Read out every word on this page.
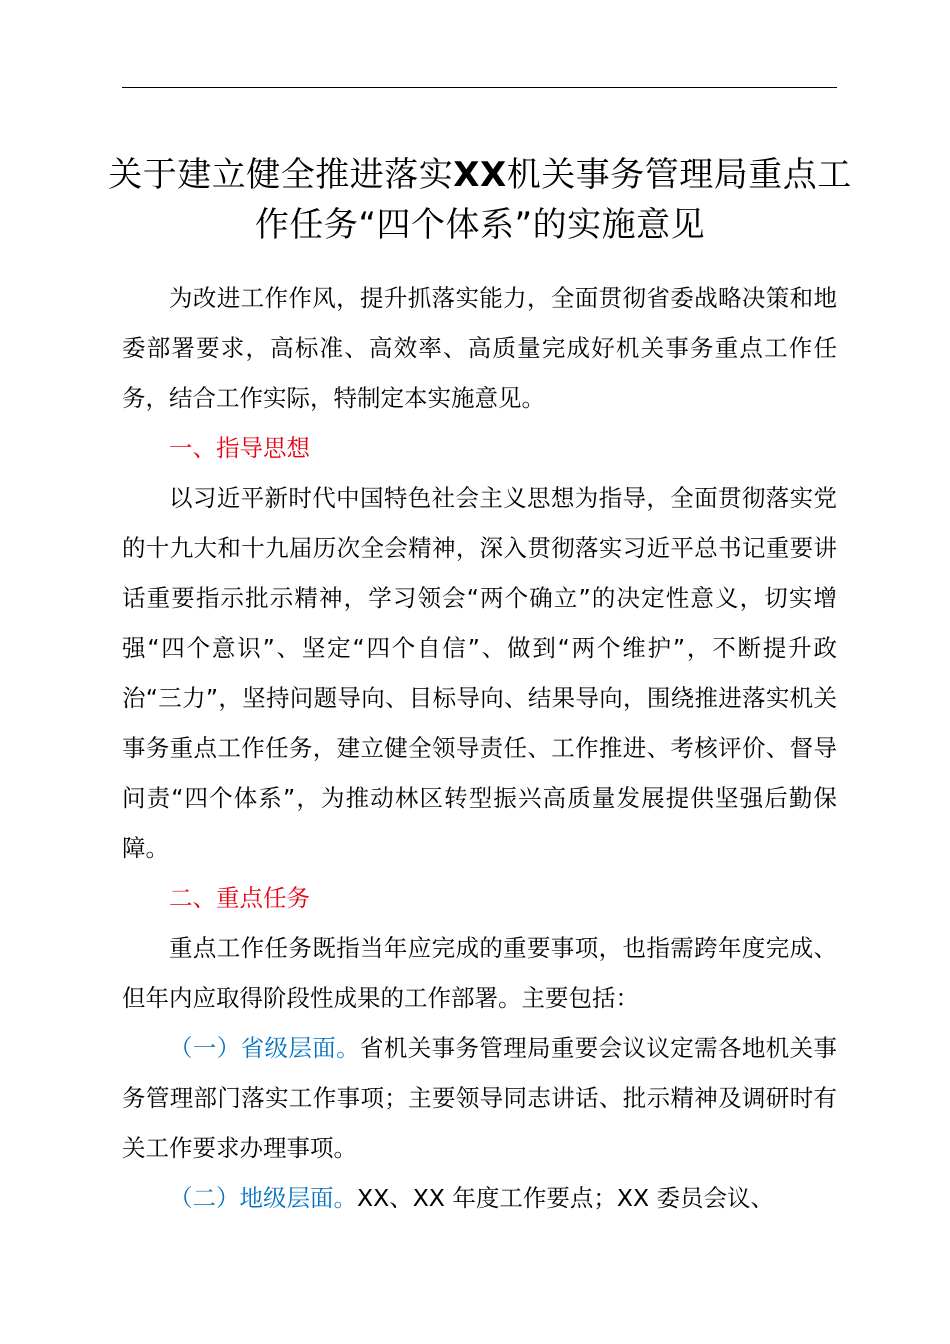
关于建立健全推进落实XX机关事务管理局重点工作任务“四个体系”的实施意见

为改进工作作风，提升抓落实能力，全面贯彻省委战略决策和地委部署要求，高标准、高效率、高质量完成好机关事务重点工作任务，结合工作实际，特制定本实施意见。

一、指导思想

以习近平新时代中国特色社会主义思想为指导，全面贯彻落实党的十九大和十九届历次全会精神，深入贯彻落实习近平总书记重要讲话重要指示批示精神，学习领会“两个确立”的决定性意义，切实增强“四个意识”、坚定“四个自信”、做到“两个维护”，不断提升政治“三力”，坚持问题导向、目标导向、结果导向，围绕推进落实机关事务重点工作任务，建立健全领导责任、工作推进、考核评价、督导问责“四个体系”，为推动林区转型振兴高质量发展提供坚强后勤保障。

二、重点任务

重点工作任务既指当年应完成的重要事项，也指需跨年度完成、但年内应取得阶段性成果的工作部署。主要包括：

（一）省级层面。省机关事务管理局重要会议议定需各地机关事务管理部门落实工作事项；主要领导同志讲话、批示精神及调研时有关工作要求办理事项。

（二）地级层面。XX、XX 年度工作要点；XX 委员会议、
